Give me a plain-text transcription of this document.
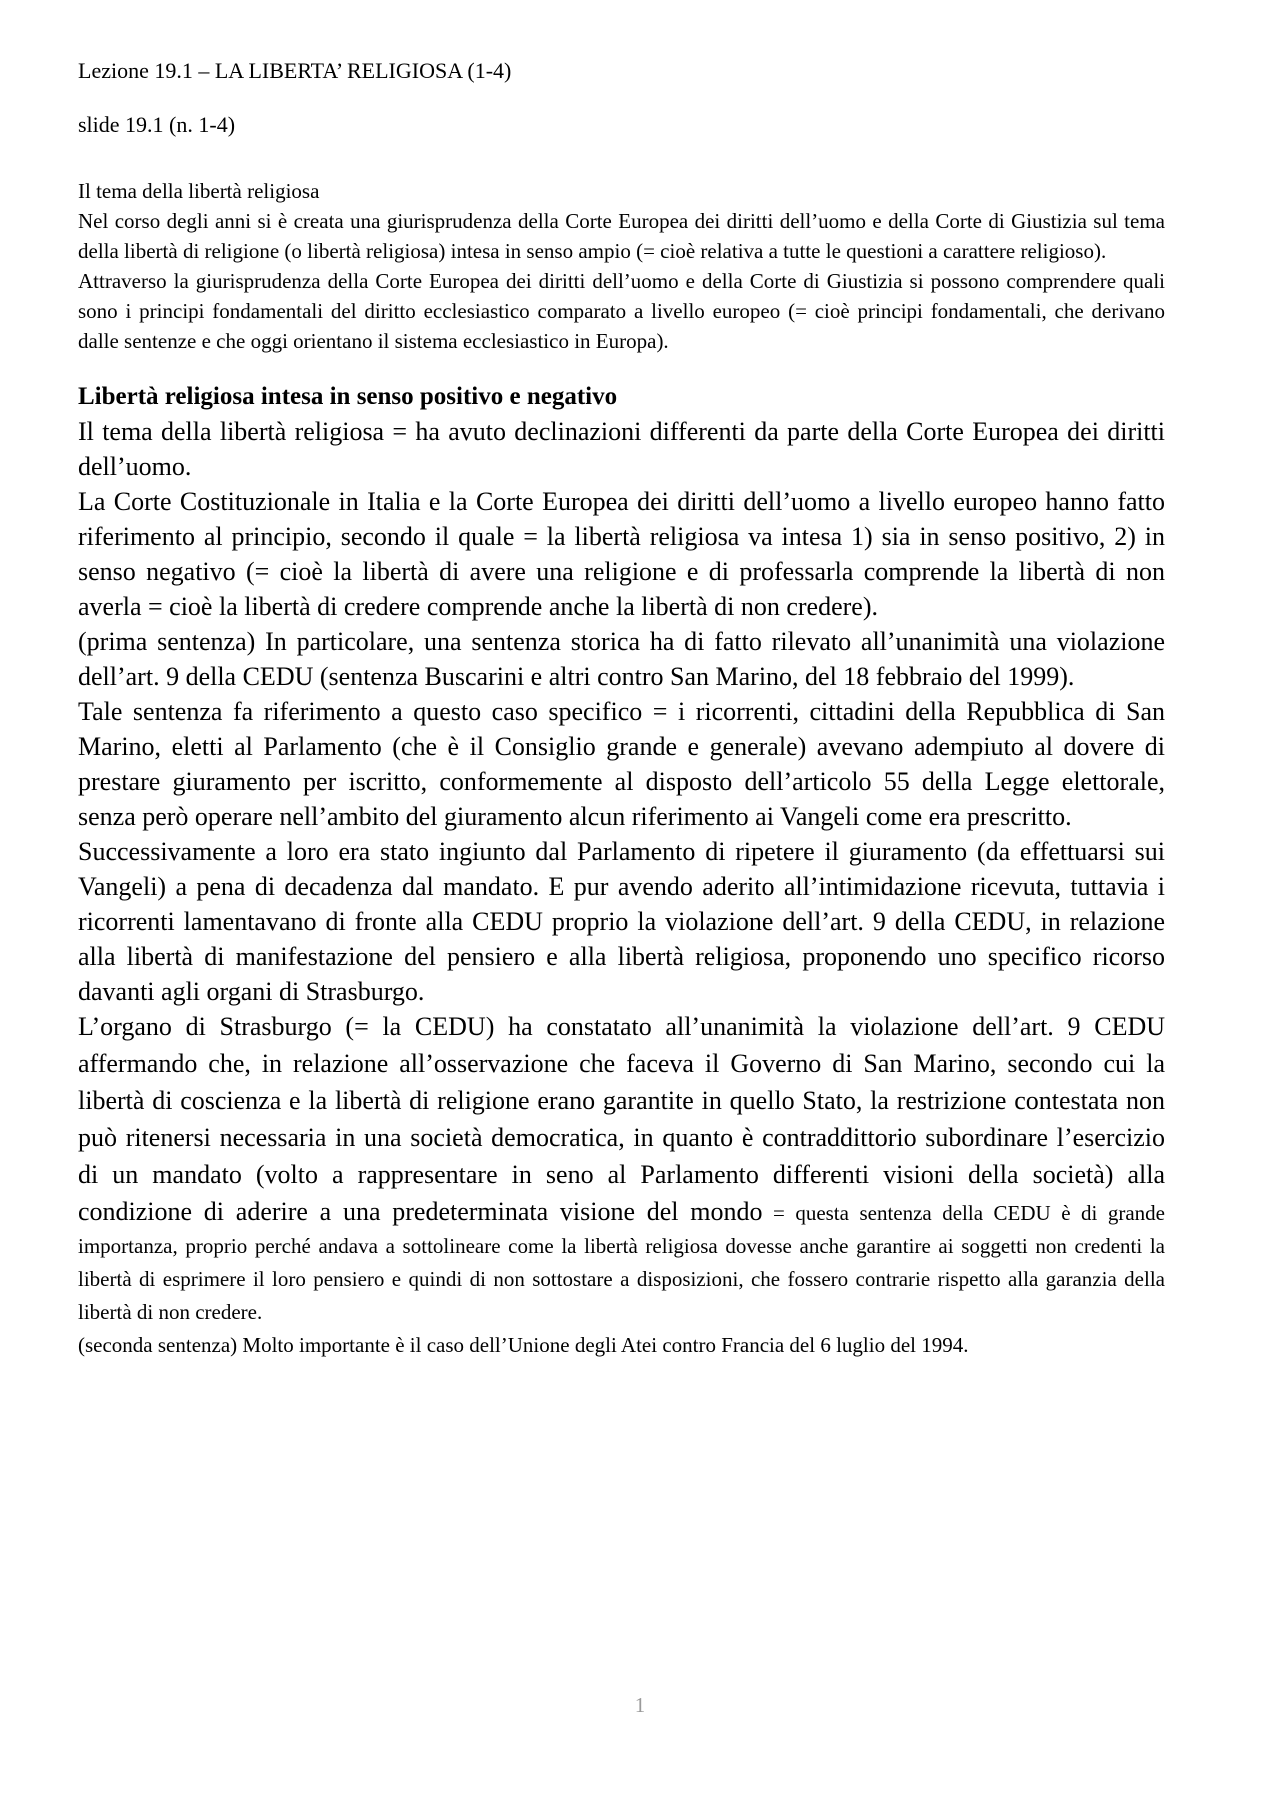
Lezione 19.1 – LA LIBERTA’ RELIGIOSA (1-4)

slide 19.1 (n. 1-4)

Il tema della libertà religiosa

Nel corso degli anni si è creata una giurisprudenza della Corte Europea dei diritti dell’uomo e della Corte di Giustizia sul tema della libertà di religione (o libertà religiosa) intesa in senso ampio (= cioè relativa a tutte le questioni a carattere religioso).

Attraverso la giurisprudenza della Corte Europea dei diritti dell’uomo e della Corte di Giustizia si possono comprendere quali sono i principi fondamentali del diritto ecclesiastico comparato a livello europeo (= cioè principi fondamentali, che derivano dalle sentenze e che oggi orientano il sistema ecclesiastico in Europa).

Libertà religiosa intesa in senso positivo e negativo

Il tema della libertà religiosa = ha avuto declinazioni differenti da parte della Corte Europea dei diritti dell’uomo.

La Corte Costituzionale in Italia e la Corte Europea dei diritti dell’uomo a livello europeo hanno fatto riferimento al principio, secondo il quale = la libertà religiosa va intesa 1) sia in senso positivo, 2) in senso negativo (= cioè la libertà di avere una religione e di professarla comprende la libertà di non averla = cioè la libertà di credere comprende anche la libertà di non credere).

(prima sentenza) In particolare, una sentenza storica ha di fatto rilevato all’unanimità una violazione dell’art. 9 della CEDU (sentenza Buscarini e altri contro San Marino, del 18 febbraio del 1999).

Tale sentenza fa riferimento a questo caso specifico = i ricorrenti, cittadini della Repubblica di San Marino, eletti al Parlamento (che è il Consiglio grande e generale) avevano adempiuto al dovere di prestare giuramento per iscritto, conformemente al disposto dell’articolo 55 della Legge elettorale, senza però operare nell’ambito del giuramento alcun riferimento ai Vangeli come era prescritto.

Successivamente a loro era stato ingiunto dal Parlamento di ripetere il giuramento (da effettuarsi sui Vangeli) a pena di decadenza dal mandato. E pur avendo aderito all’intimidazione ricevuta, tuttavia i ricorrenti lamentavano di fronte alla CEDU proprio la violazione dell’art. 9 della CEDU, in relazione alla libertà di manifestazione del pensiero e alla libertà religiosa, proponendo uno specifico ricorso davanti agli organi di Strasburgo.

L’organo di Strasburgo (= la CEDU) ha constatato all’unanimità la violazione dell’art. 9 CEDU affermando che, in relazione all’osservazione che faceva il Governo di San Marino, secondo cui la libertà di coscienza e la libertà di religione erano garantite in quello Stato, la restrizione contestata non può ritenersi necessaria in una società democratica, in quanto è contraddittorio subordinare l’esercizio di un mandato (volto a rappresentare in seno al Parlamento differenti visioni della società) alla condizione di aderire a una predeterminata visione del mondo = questa sentenza della CEDU è di grande importanza, proprio perché andava a sottolineare come la libertà religiosa dovesse anche garantire ai soggetti non credenti la libertà di esprimere il loro pensiero e quindi di non sottostare a disposizioni, che fossero contrarie rispetto alla garanzia della libertà di non credere.

(seconda sentenza) Molto importante è il caso dell’Unione degli Atei contro Francia del 6 luglio del 1994.

1
